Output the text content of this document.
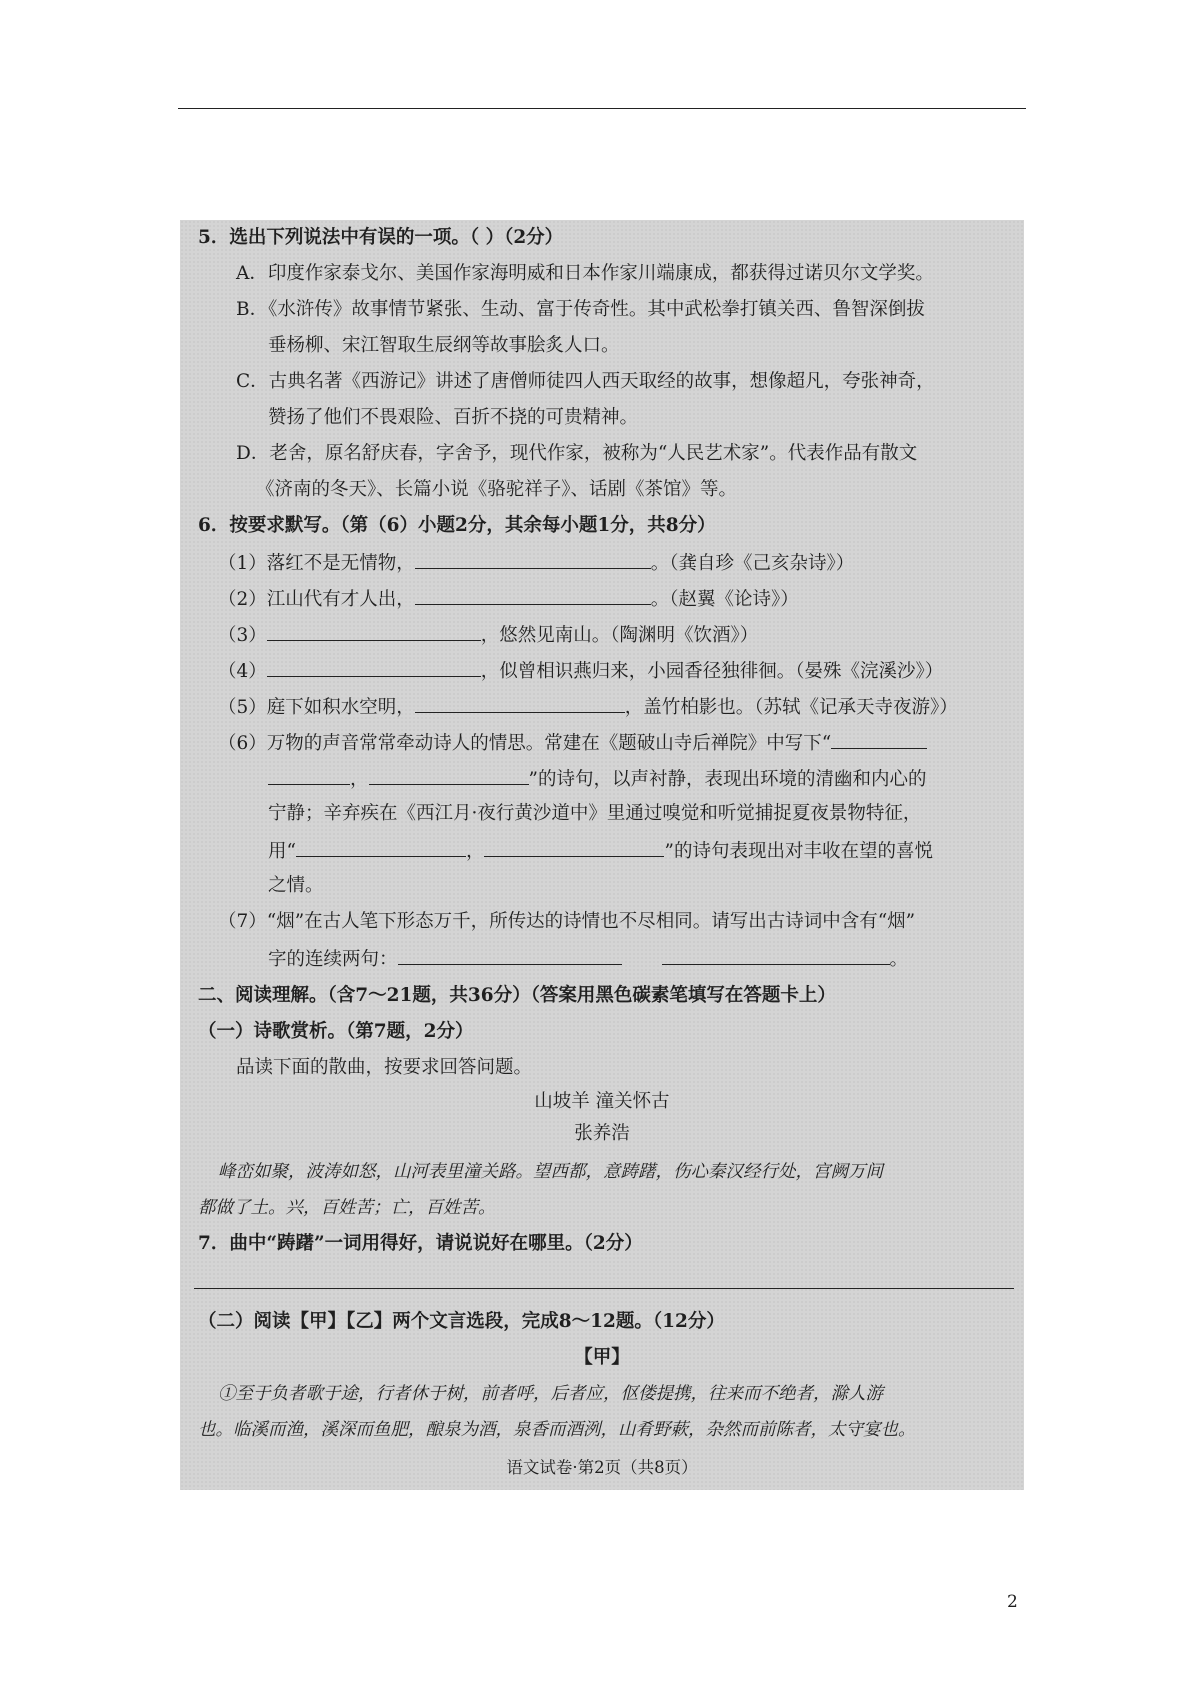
5．选出下列说法中有误的一项。（ ）（2分）
A．印度作家泰戈尔、美国作家海明威和日本作家川端康成，都获得过诺贝尔文学奖。
B．《水浒传》故事情节紧张、生动、富于传奇性。其中武松拳打镇关西、鲁智深倒拔
垂杨柳、宋江智取生辰纲等故事脍炙人口。
C．古典名著《西游记》讲述了唐僧师徒四人西天取经的故事，想像超凡，夸张神奇，
赞扬了他们不畏艰险、百折不挠的可贵精神。
D．老舍，原名舒庆春，字舍予，现代作家，被称为“人民艺术家”。代表作品有散文
《济南的冬天》、长篇小说《骆驼祥子》、话剧《茶馆》等。
6．按要求默写。（第（6）小题2分，其余每小题1分，共8分）
（1）落红不是无情物，	。（龚自珍《己亥杂诗》）
（2）江山代有才人出，	。（赵翼《论诗》）
（3）	，悠然见南山。（陶渊明《饮酒》）
（4）	，似曾相识燕归来，小园香径独徘徊。（晏殊《浣溪沙》）
（5）庭下如积水空明，	，盖竹柏影也。（苏轼《记承天寺夜游》）
（6）万物的声音常常牵动诗人的情思。常建在《题破山寺后禅院》中写下“
，	”的诗句，以声衬静，表现出环境的清幽和内心的
宁静；辛弃疾在《西江月·夜行黄沙道中》里通过嗅觉和听觉捕捉夏夜景物特征，
用“	，	”的诗句表现出对丰收在望的喜悦
之情。
（7）“烟”在古人笔下形态万千，所传达的诗情也不尽相同。请写出古诗词中含有“烟”
字的连续两句：	。
二、阅读理解。（含7～21题，共36分）（答案用黑色碳素笔填写在答题卡上）
（一）诗歌赏析。（第7题，2分）
品读下面的散曲，按要求回答问题。
山坡羊 潼关怀古
张养浩
峰峦如聚，波涛如怒，山河表里潼关路。望西都，意踌躇，伤心秦汉经行处，宫阙万间
都做了土。兴，百姓苦；亡，百姓苦。
7．曲中“踌躇”一词用得好，请说说好在哪里。（2分）
（二）阅读【甲】【乙】两个文言选段，完成8～12题。（12分）
【甲】
①至于负者歌于途，行者休于树，前者呼，后者应，伛偻提携，往来而不绝者，滁人游
也。临溪而渔，溪深而鱼肥，酿泉为酒，泉香而酒洌，山肴野蔌，杂然而前陈者，太守宴也。
语文试卷·第2页（共8页）
2
